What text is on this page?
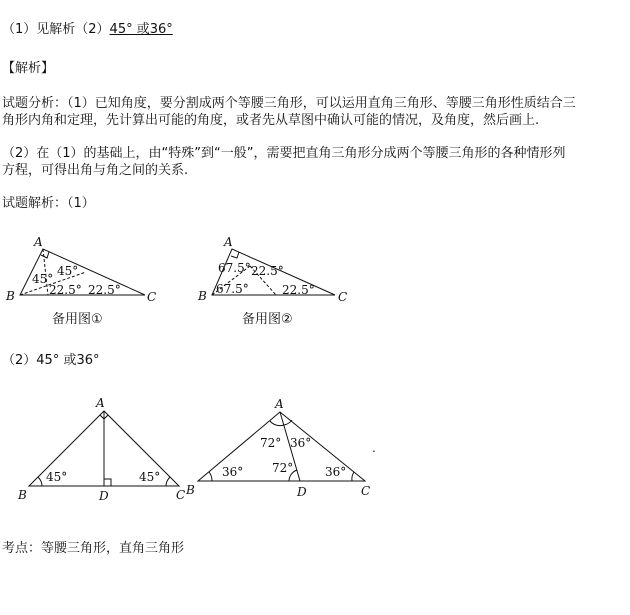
（1）见解析（2）45° 或36°
【解析】
试题分析：（1）已知角度，要分割成两个等腰三角形，可以运用直角三角形、等腰三角形性质结合三
角形内角和定理，先计算出可能的角度，或者先从草图中确认可能的情况，及角度，然后画上.
（2）在（1）的基础上，由“特殊”到“一般”，需要把直角三角形分成两个等腰三角形的各种情形列
方程，可得出角与角之间的关系.
试题解析：（1）
（2）45° 或36°
考点：等腰三角形，直角三角形
A
B	C
45°
45°
22.5° 22.5°
备用图①
A
B	C
67.5° 22.5°
67.5°	22.5°
备用图②
A
B	D	C
45°	45°
A
B	D	C
72° 36°
36° 72°	36°
.
